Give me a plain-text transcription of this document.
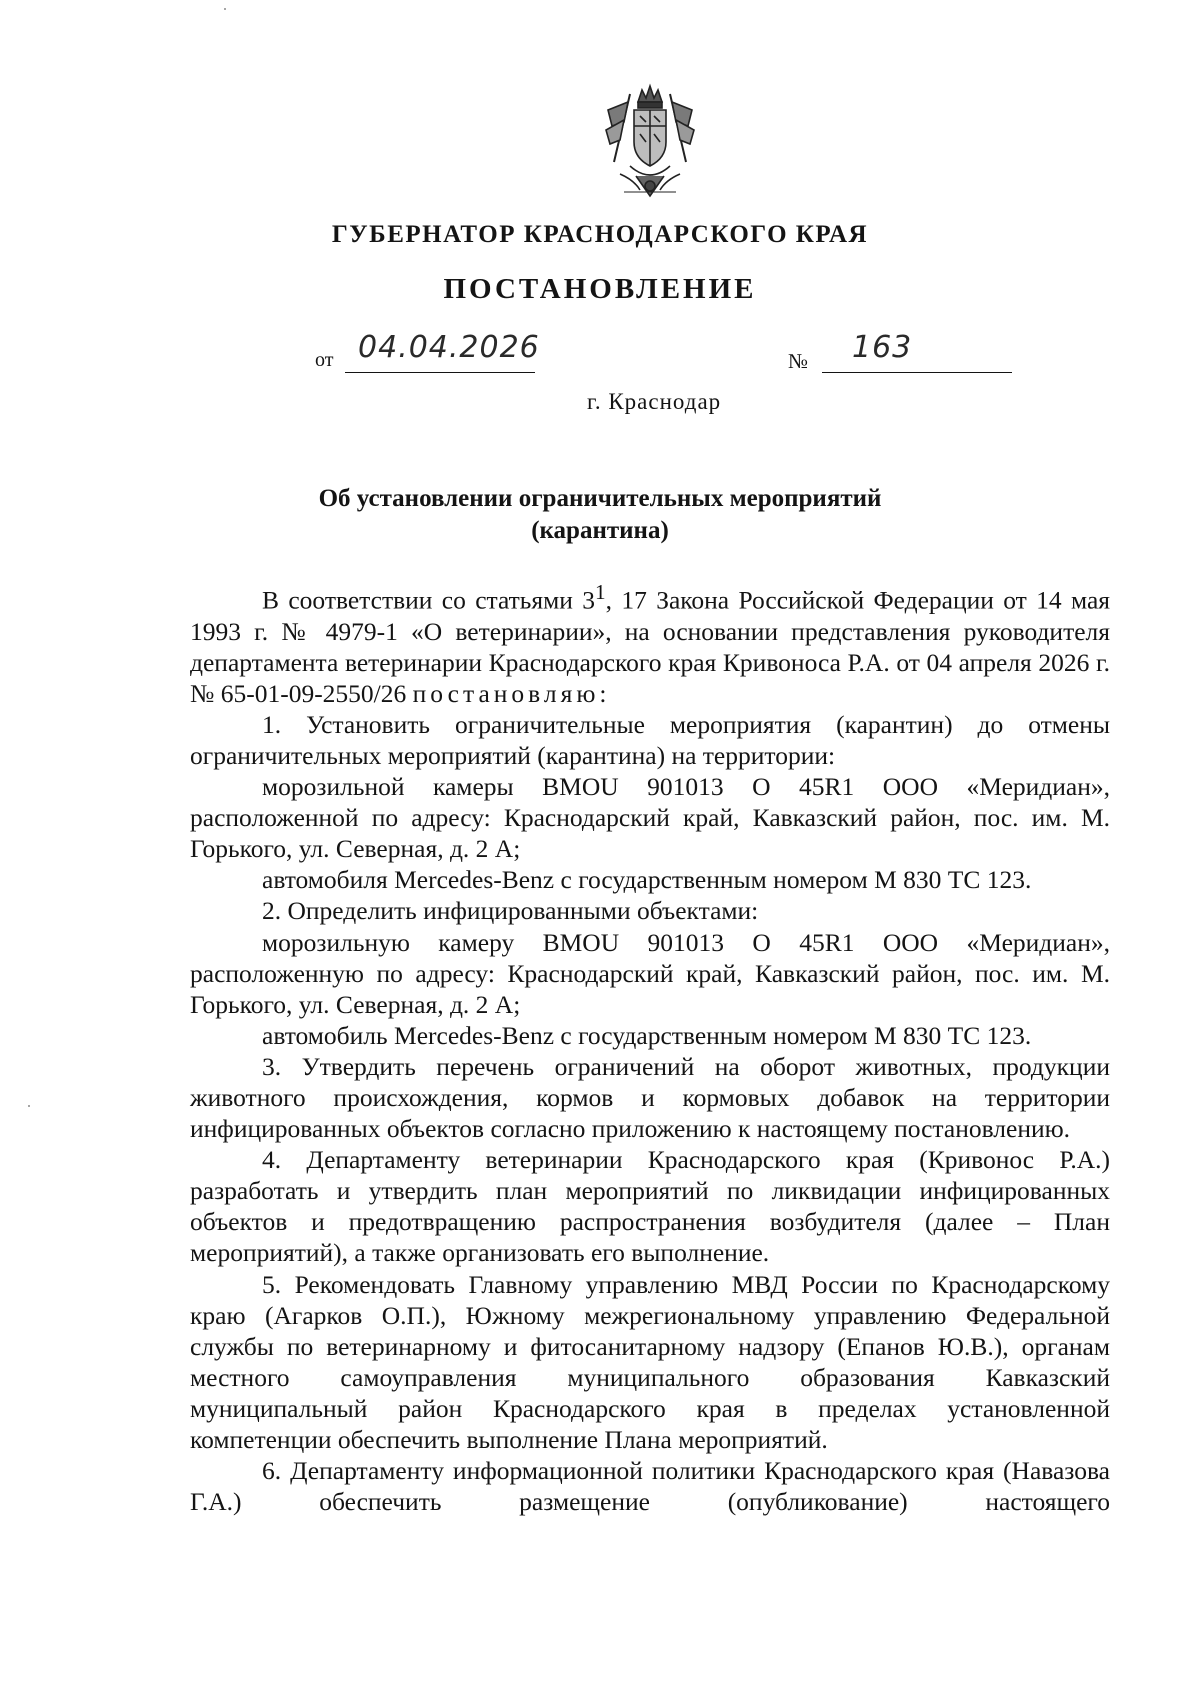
ГУБЕРНАТОР КРАСНОДАРСКОГО КРАЯ
ПОСТАНОВЛЕНИЕ
от 04.04.2026	№ 163
г. Краснодар
Об установлении ограничительных мероприятий
(карантина)

В соответствии со статьями $3^1$, 17 Закона Российской Федерации от 14 мая 1993 г. № 4979-1 «О ветеринарии», на основании представления руководителя департамента ветеринарии Краснодарского края Кривоноса Р.А. от 04 апреля 2026 г. № 65-01-09-2550/26 постановляю:

1. Установить ограничительные мероприятия (карантин) до отмены ограничительных мероприятий (карантина) на территории:

морозильной камеры BMOU 901013 O 45R1 ООО «Меридиан», расположенной по адресу: Краснодарский край, Кавказский район, пос. им. М. Горького, ул. Северная, д. 2 А;

автомобиля Mercedes-Benz с государственным номером М 830 ТС 123.

2. Определить инфицированными объектами:

морозильную камеру BMOU 901013 O 45R1 ООО «Меридиан», расположенную по адресу: Краснодарский край, Кавказский район, пос. им. М. Горького, ул. Северная, д. 2 А;

автомобиль Mercedes-Benz с государственным номером М 830 ТС 123.

3. Утвердить перечень ограничений на оборот животных, продукции животного происхождения, кормов и кормовых добавок на территории инфицированных объектов согласно приложению к настоящему постановлению.

4. Департаменту ветеринарии Краснодарского края (Кривонос Р.А.) разработать и утвердить план мероприятий по ликвидации инфицированных объектов и предотвращению распространения возбудителя (далее – План мероприятий), а также организовать его выполнение.

5. Рекомендовать Главному управлению МВД России по Краснодарскому краю (Агарков О.П.), Южному межрегиональному управлению Федеральной службы по ветеринарному и фитосанитарному надзору (Епанов Ю.В.), органам местного самоуправления муниципального образования Кавказский муниципальный район Краснодарского края в пределах установленной компетенции обеспечить выполнение Плана мероприятий.

6. Департаменту информационной политики Краснодарского края (Навазова Г.А.) обеспечить размещение (опубликование) настоящего
